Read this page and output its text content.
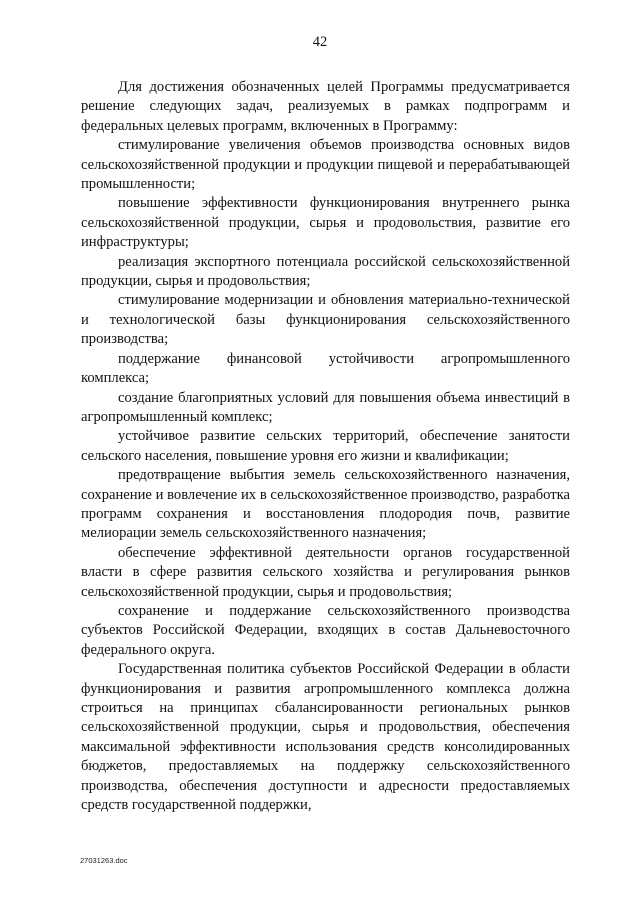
42

Для достижения обозначенных целей Программы предусматривается решение следующих задач, реализуемых в рамках подпрограмм и федеральных целевых программ, включенных в Программу:

стимулирование увеличения объемов производства основных видов сельскохозяйственной продукции и продукции пищевой и перерабатывающей промышленности;

повышение эффективности функционирования внутреннего рынка сельскохозяйственной продукции, сырья и продовольствия, развитие его инфраструктуры;

реализация экспортного потенциала российской сельскохозяйственной продукции, сырья и продовольствия;

стимулирование модернизации и обновления материально-технической и технологической базы функционирования сельскохозяйственного производства;

поддержание финансовой устойчивости агропромышленного комплекса;

создание благоприятных условий для повышения объема инвестиций в агропромышленный комплекс;

устойчивое развитие сельских территорий, обеспечение занятости сельского населения, повышение уровня его жизни и квалификации;

предотвращение выбытия земель сельскохозяйственного назначения, сохранение и вовлечение их в сельскохозяйственное производство, разработка программ сохранения и восстановления плодородия почв, развитие мелиорации земель сельскохозяйственного назначения;

обеспечение эффективной деятельности органов государственной власти в сфере развития сельского хозяйства и регулирования рынков сельскохозяйственной продукции, сырья и продовольствия;

сохранение и поддержание сельскохозяйственного производства субъектов Российской Федерации, входящих в состав Дальневосточного федерального округа.

Государственная политика субъектов Российской Федерации в области функционирования и развития агропромышленного комплекса должна строиться на принципах сбалансированности региональных рынков сельскохозяйственной продукции, сырья и продовольствия, обеспечения максимальной эффективности использования средств консолидированных бюджетов, предоставляемых на поддержку сельскохозяйственного производства, обеспечения доступности и адресности предоставляемых средств государственной поддержки,

27031263.doc
